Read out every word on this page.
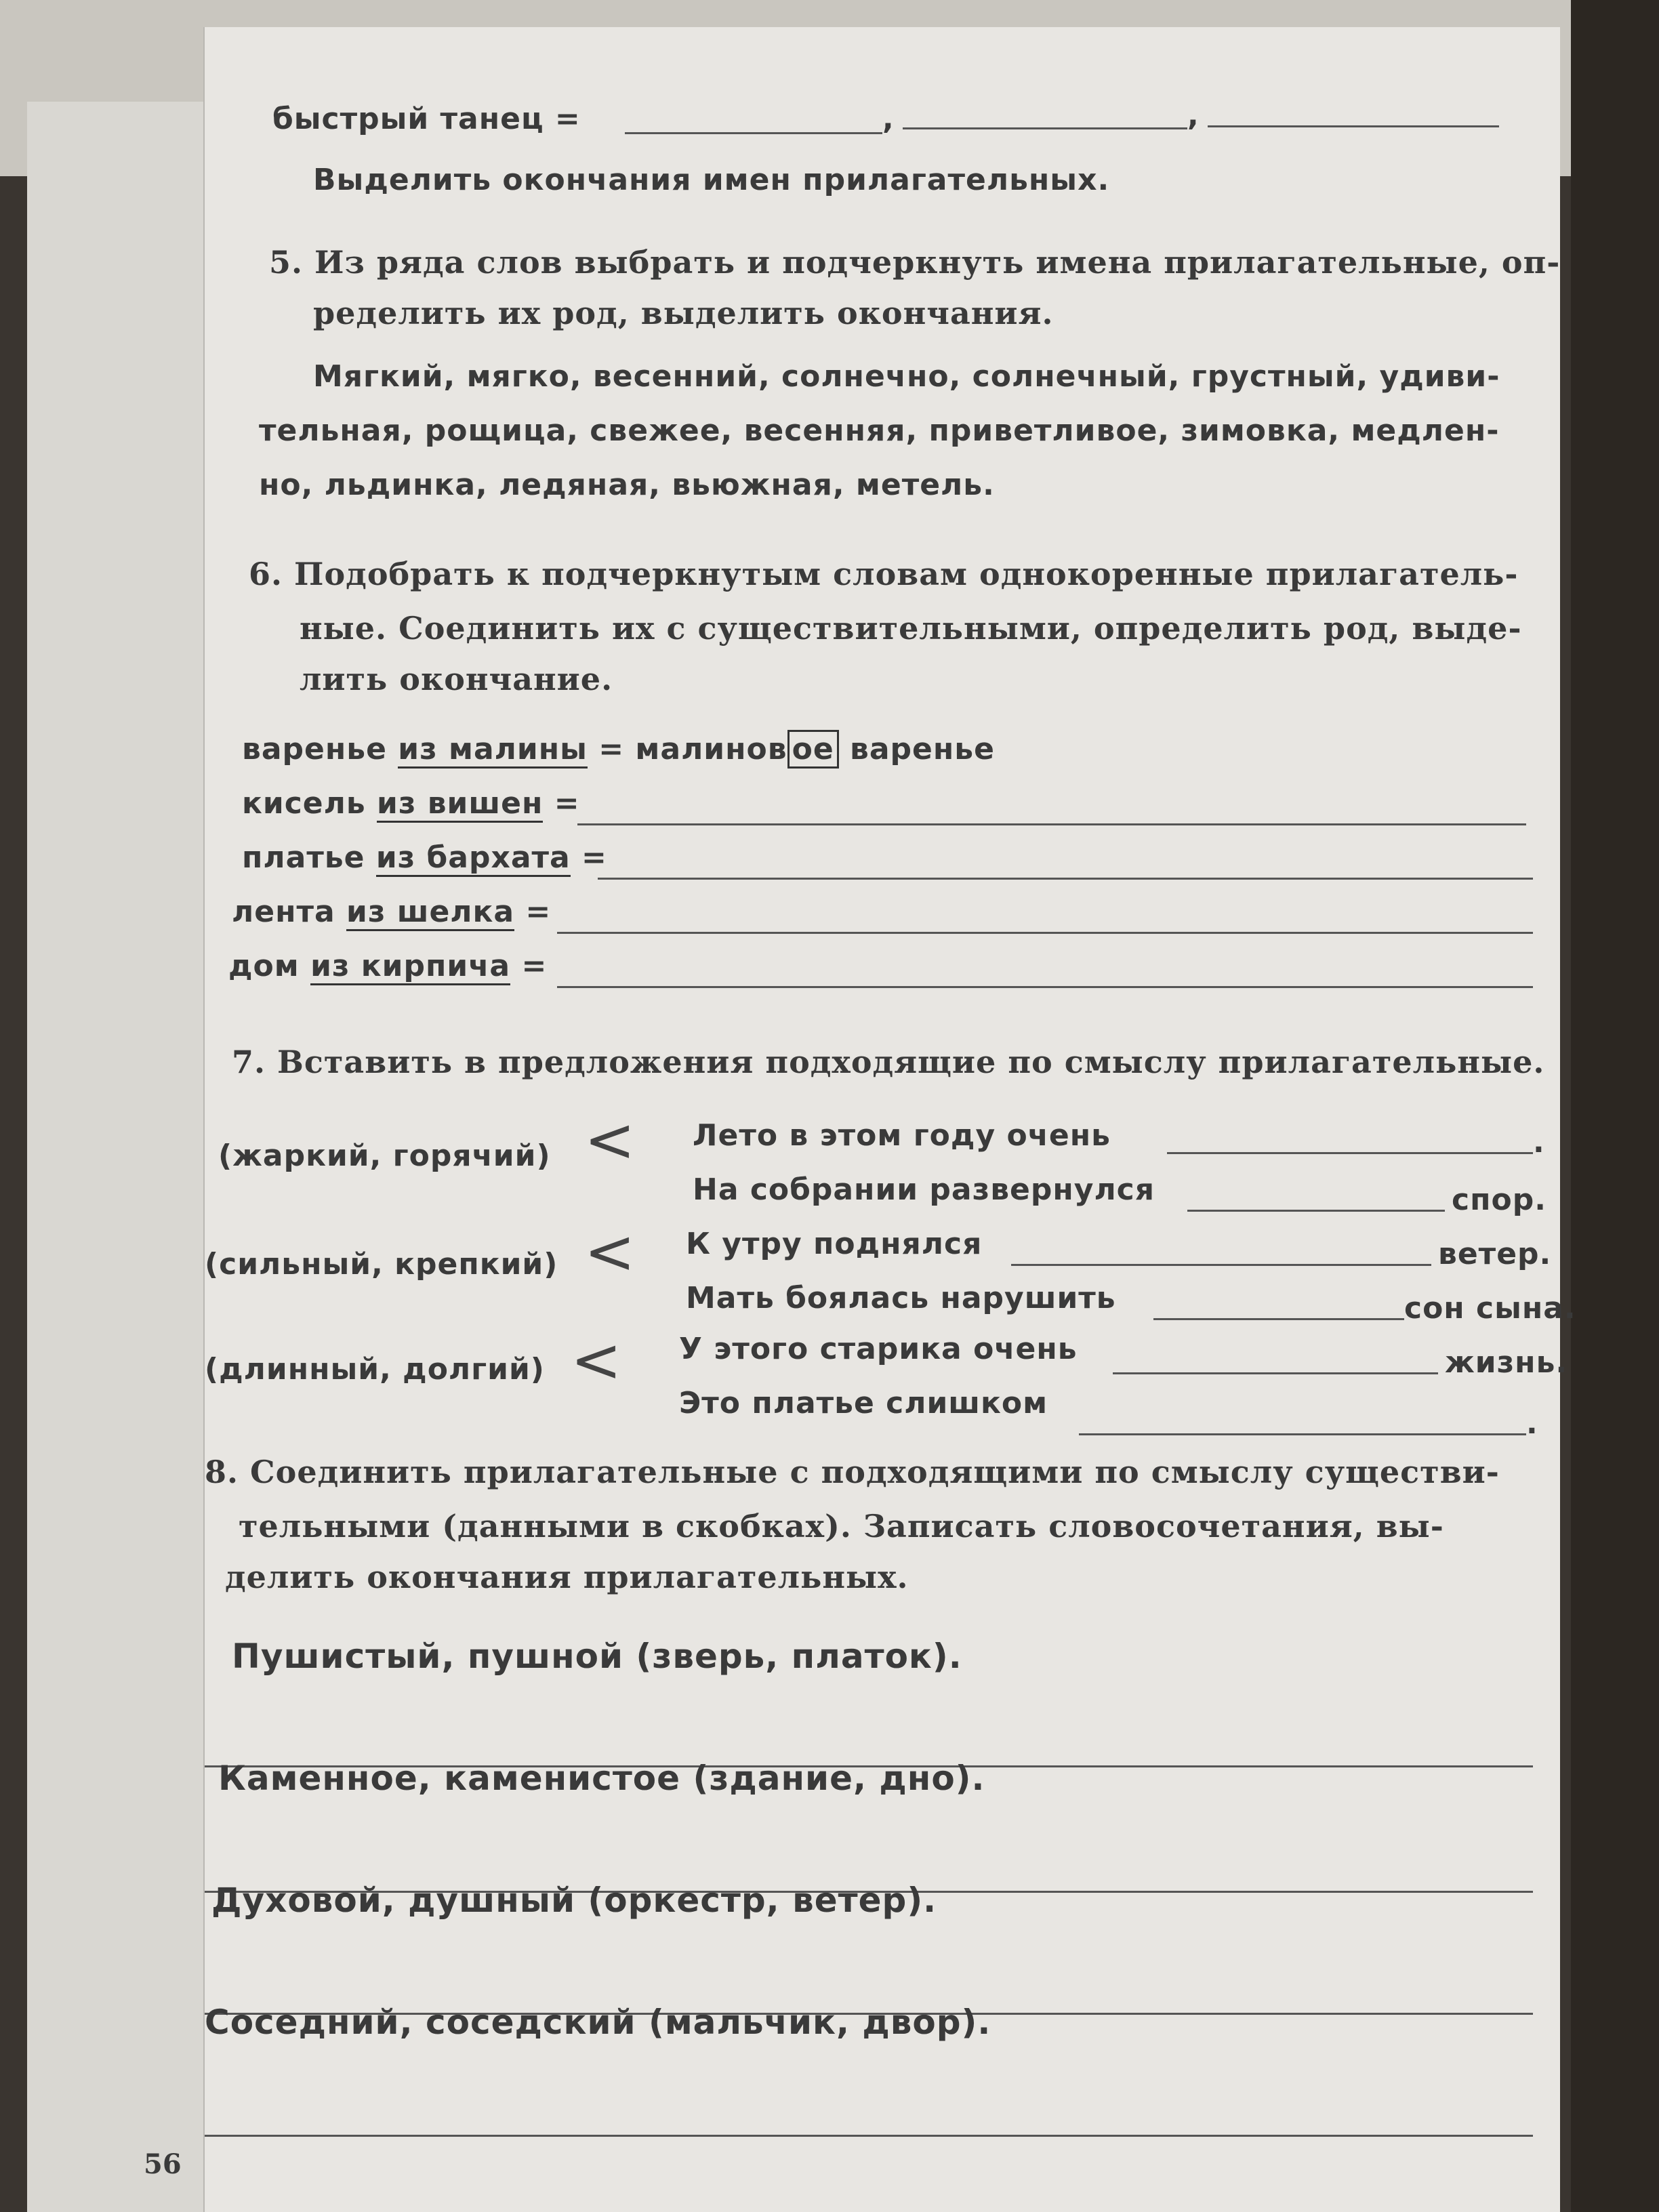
быстрый танец =	,	,
Выделить окончания имен прилагательных.
5. Из ряда слов выбрать и подчеркнуть имена прилагательные, оп-
ределить их род, выделить окончания.
Мягкий, мягко, весенний, солнечно, солнечный, грустный, удиви-
тельная, рощица, свежее, весенняя, приветливое, зимовка, медлен-
но, льдинка, ледяная, вьюжная, метель.
6. Подобрать к подчеркнутым словам однокоренные прилагатель-
ные. Соединить их с существительными, определить род, выде-
лить окончание.
варенье из малины = малинов ое варенье
кисель из вишен =
платье из бархата =
лента из шелка =
дом из кирпича =
7. Вставить в предложения подходящие по смыслу прилагательные.
(жаркий, горячий) < Лето в этом году очень	.
На собрании развернулся	спор.
(сильный, крепкий) < К утру поднялся	ветер.
Мать боялась нарушить	сон сына.
(длинный, долгий) < У этого старика очень	жизнь.
Это платье слишком
.
8. Соединить прилагательные с подходящими по смыслу существи-
тельными (данными в скобках). Записать словосочетания, вы-
делить окончания прилагательных.
Пушистый, пушной (зверь, платок).
Каменное, каменистое (здание, дно).
Духовой, душный (оркестр, ветер).
Соседний, соседский (мальчик, двор).
56
